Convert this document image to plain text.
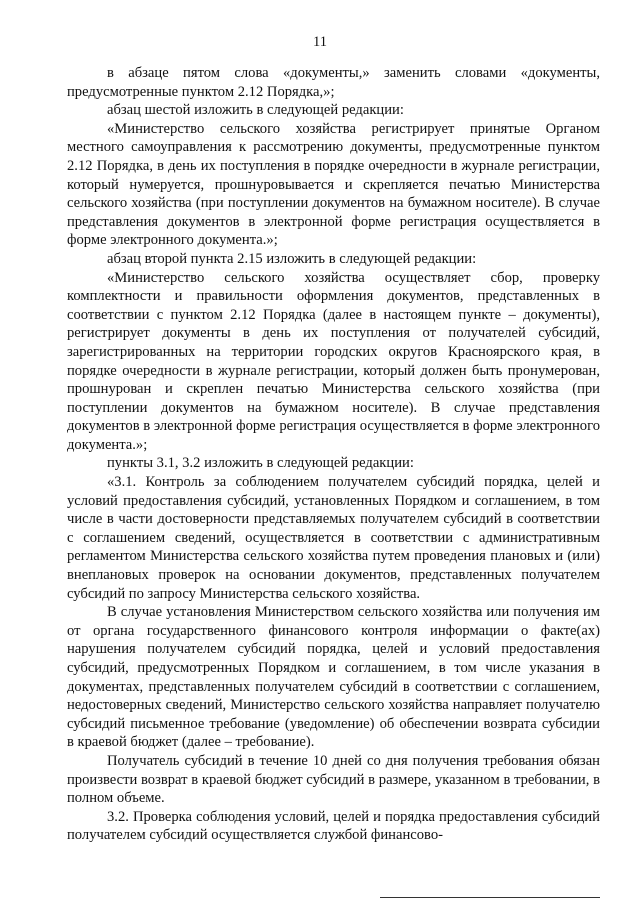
11

в абзаце пятом слова «документы,» заменить словами «документы, предусмотренные пунктом 2.12 Порядка,»;

абзац шестой изложить в следующей редакции:

«Министерство сельского хозяйства регистрирует принятые Органом местного самоуправления к рассмотрению документы, предусмотренные пунктом 2.12 Порядка, в день их поступления в порядке очередности в журнале регистрации, который нумеруется, прошнуровывается и скрепляется печатью Министерства сельского хозяйства (при поступлении документов на бумажном носителе). В случае представления документов в электронной форме регистрация осуществляется в форме электронного документа.»;

абзац второй пункта 2.15 изложить в следующей редакции:

«Министерство сельского хозяйства осуществляет сбор, проверку комплектности и правильности оформления документов, представленных в соответствии с пунктом 2.12 Порядка (далее в настоящем пункте – документы), регистрирует документы в день их поступления от получателей субсидий, зарегистрированных на территории городских округов Красноярского края, в порядке очередности в журнале регистрации, который должен быть пронумерован, прошнурован и скреплен печатью Министерства сельского хозяйства (при поступлении документов на бумажном носителе). В случае представления документов в электронной форме регистрация осуществляется в форме электронного документа.»;

пункты 3.1, 3.2 изложить в следующей редакции:

«3.1. Контроль за соблюдением получателем субсидий порядка, целей и условий предоставления субсидий, установленных Порядком и соглашением, в том числе в части достоверности представляемых получателем субсидий в соответствии с соглашением сведений, осуществляется в соответствии с административным регламентом Министерства сельского хозяйства путем проведения плановых и (или) внеплановых проверок на основании документов, представленных получателем субсидий по запросу Министерства сельского хозяйства.

В случае установления Министерством сельского хозяйства или получения им от органа государственного финансового контроля информации о факте(ах) нарушения получателем субсидий порядка, целей и условий предоставления субсидий, предусмотренных Порядком и соглашением, в том числе указания в документах, представленных получателем субсидий в соответствии с соглашением, недостоверных сведений, Министерство сельского хозяйства направляет получателю субсидий письменное требование (уведомление) об обеспечении возврата субсидии в краевой бюджет (далее – требование).

Получатель субсидий в течение 10 дней со дня получения требования обязан произвести возврат в краевой бюджет субсидий в размере, указанном в требовании, в полном объеме.

3.2. Проверка соблюдения условий, целей и порядка предоставления субсидий получателем субсидий осуществляется службой финансово-
